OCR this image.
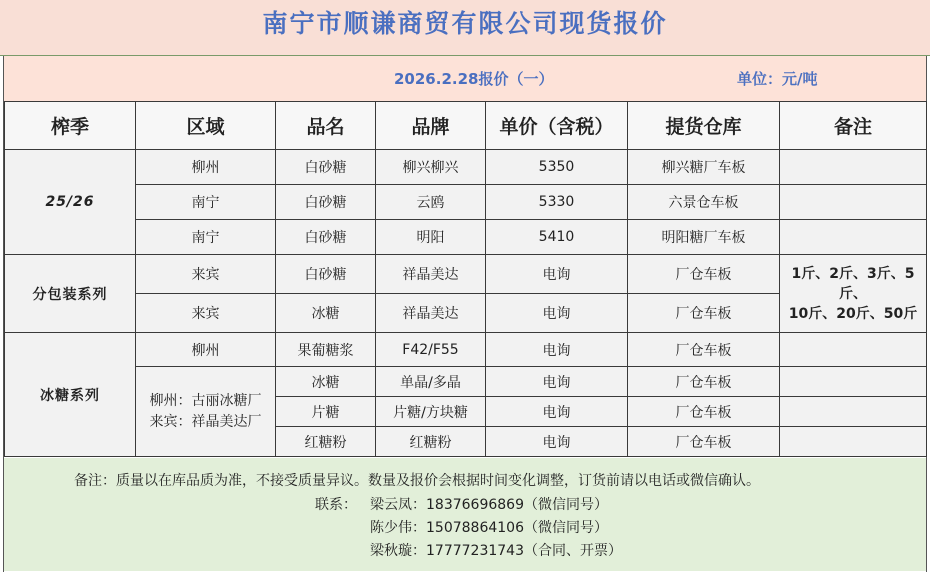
南宁市顺谦商贸有限公司现货报价
2026.2.28报价（一）	单位：元/吨
榨季	区域	品名	品牌	单价（含税）	提货仓库	备注
25/26	柳州	白砂糖	柳兴柳兴	5350	柳兴糖厂车板	
	南宁	白砂糖	云鸥	5330	六景仓车板	
	南宁	白砂糖	明阳	5410	明阳糖厂车板	
分包装系列	来宾	白砂糖	祥晶美达	电询	厂仓车板	1斤、2斤、3斤、5斤、
10斤、20斤、50斤

	来宾	冰糖	祥晶美达	电询	厂仓车板	
冰糖系列	柳州	果葡糖浆	F42/F55	电询	厂仓车板	

	柳州：古丽冰糖厂
来宾：祥晶美达厂	冰糖	单晶/多晶	电询	厂仓车板	
		片糖	片糖/方块糖	电询	厂仓车板	
		红糖粉	红糖粉	电询	厂仓车板	
备注：质量以在库品质为准，不接受质量异议。数量及报价会根据时间变化调整，订货前请以电话或微信确认。
联系： 梁云凤：18376696869（微信同号）
陈少伟：15078864106（微信同号）
梁秋璇：17777231743（合同、开票）
